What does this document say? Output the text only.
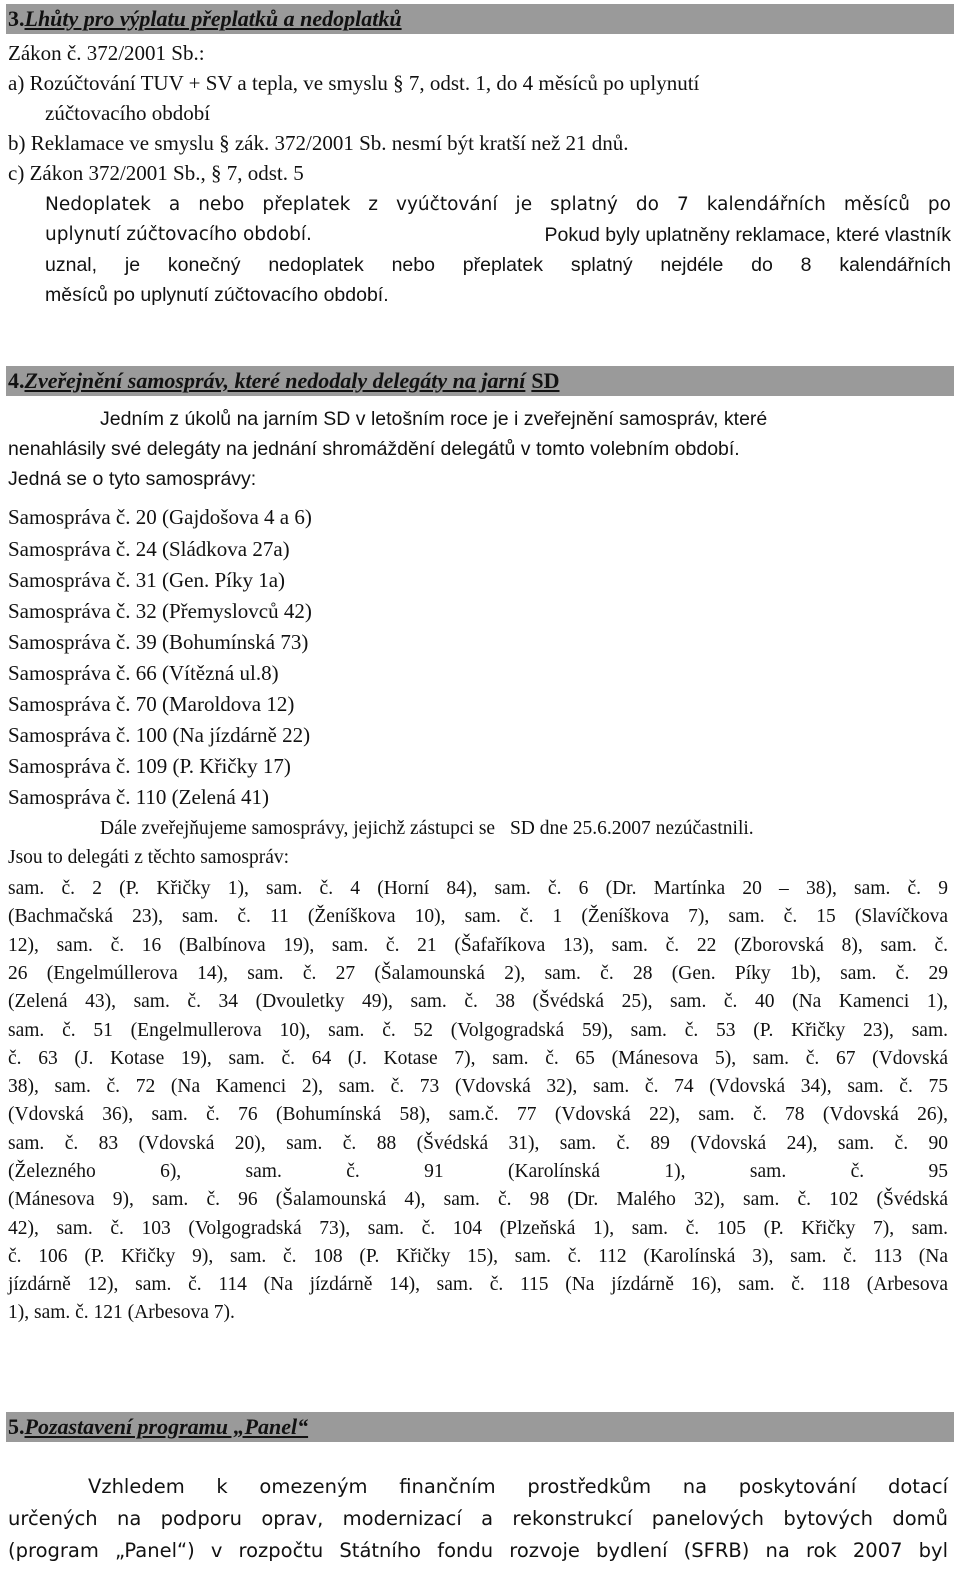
3.Lhůty pro výplatu přeplatků a nedoplatků
Zákon č. 372/2001 Sb.:
a) Rozúčtování TUV + SV a tepla, ve smyslu § 7, odst. 1, do 4 měsíců po uplynutí
zúčtovacího období
b) Reklamace ve smyslu § zák. 372/2001 Sb. nesmí být kratší než 21 dnů.
c) Zákon 372/2001 Sb., § 7, odst. 5
Nedoplatek a nebo přeplatek z vyúčtování je splatný do 7 kalendářních měsíců po
uplynutí zúčtovacího období.	Pokud byly uplatněny reklamace, které vlastník
uznal, je konečný nedoplatek nebo přeplatek splatný nejdéle do 8 kalendářních
měsíců po uplynutí zúčtovacího období.
4.Zveřejnění samospráv, které nedodaly delegáty na jarní SD
Jedním z úkolů na jarním SD v letošním roce je i zveřejnění samospráv, které
nenahlásily své delegáty na jednání shromáždění delegátů v tomto volebním období.
Jedná se o tyto samosprávy:
Samospráva č. 20 (Gajdošova 4 a 6)
Samospráva č. 24 (Sládkova 27a)
Samospráva č. 31 (Gen. Píky 1a)
Samospráva č. 32 (Přemyslovců 42)
Samospráva č. 39 (Bohumínská 73)
Samospráva č. 66 (Vítězná ul.8)
Samospráva č. 70 (Maroldova 12)
Samospráva č. 100 (Na jízdárně 22)
Samospráva č. 109 (P. Křičky 17)
Samospráva č. 110 (Zelená 41)
Dále zveřejňujeme samosprávy, jejichž zástupci se SD dne 25.6.2007 nezúčastnili.
Jsou to delegáti z těchto samospráv:
sam. č. 2 (P. Křičky 1), sam. č. 4 (Horní 84), sam. č. 6 (Dr. Martínka 20 – 38), sam. č. 9
(Bachmačská 23), sam. č. 11 (Ženíškova 10), sam. č. 1 (Ženíškova 7), sam. č. 15 (Slavíčkova
12), sam. č. 16 (Balbínova 19), sam. č. 21 (Šafaříkova 13), sam. č. 22 (Zborovská 8), sam. č.
26 (Engelmúllerova 14), sam. č. 27 (Šalamounská 2), sam. č. 28 (Gen. Píky 1b), sam. č. 29
(Zelená 43), sam. č. 34 (Dvouletky 49), sam. č. 38 (Švédská 25), sam. č. 40 (Na Kamenci 1),
sam. č. 51 (Engelmullerova 10), sam. č. 52 (Volgogradská 59), sam. č. 53 (P. Křičky 23), sam.
č. 63 (J. Kotase 19), sam. č. 64 (J. Kotase 7), sam. č. 65 (Mánesova 5), sam. č. 67 (Vdovská
38), sam. č. 72 (Na Kamenci 2), sam. č. 73 (Vdovská 32), sam. č. 74 (Vdovská 34), sam. č. 75
(Vdovská 36), sam. č. 76 (Bohumínská 58), sam.č. 77 (Vdovská 22), sam. č. 78 (Vdovská 26),
sam. č. 83 (Vdovská 20), sam. č. 88 (Švédská 31), sam. č. 89 (Vdovská 24), sam. č. 90
(Železného 6), sam. č. 91 (Karolínská 1), sam. č. 95
(Mánesova 9), sam. č. 96 (Šalamounská 4), sam. č. 98 (Dr. Malého 32), sam. č. 102 (Švédská
42), sam. č. 103 (Volgogradská 73), sam. č. 104 (Plzeňská 1), sam. č. 105 (P. Křičky 7), sam.
č. 106 (P. Křičky 9), sam. č. 108 (P. Křičky 15), sam. č. 112 (Karolínská 3), sam. č. 113 (Na
jízdárně 12), sam. č. 114 (Na jízdárně 14), sam. č. 115 (Na jízdárně 16), sam. č. 118 (Arbesova
1), sam. č. 121 (Arbesova 7).
5.Pozastavení programu „Panel“
Vzhledem k omezeným finančním prostředkům na poskytování dotací
určených na podporu oprav, modernizací a rekonstrukcí panelových bytových domů
(program „Panel“) v rozpočtu Státního fondu rozvoje bydlení (SFRB) na rok 2007 byl
